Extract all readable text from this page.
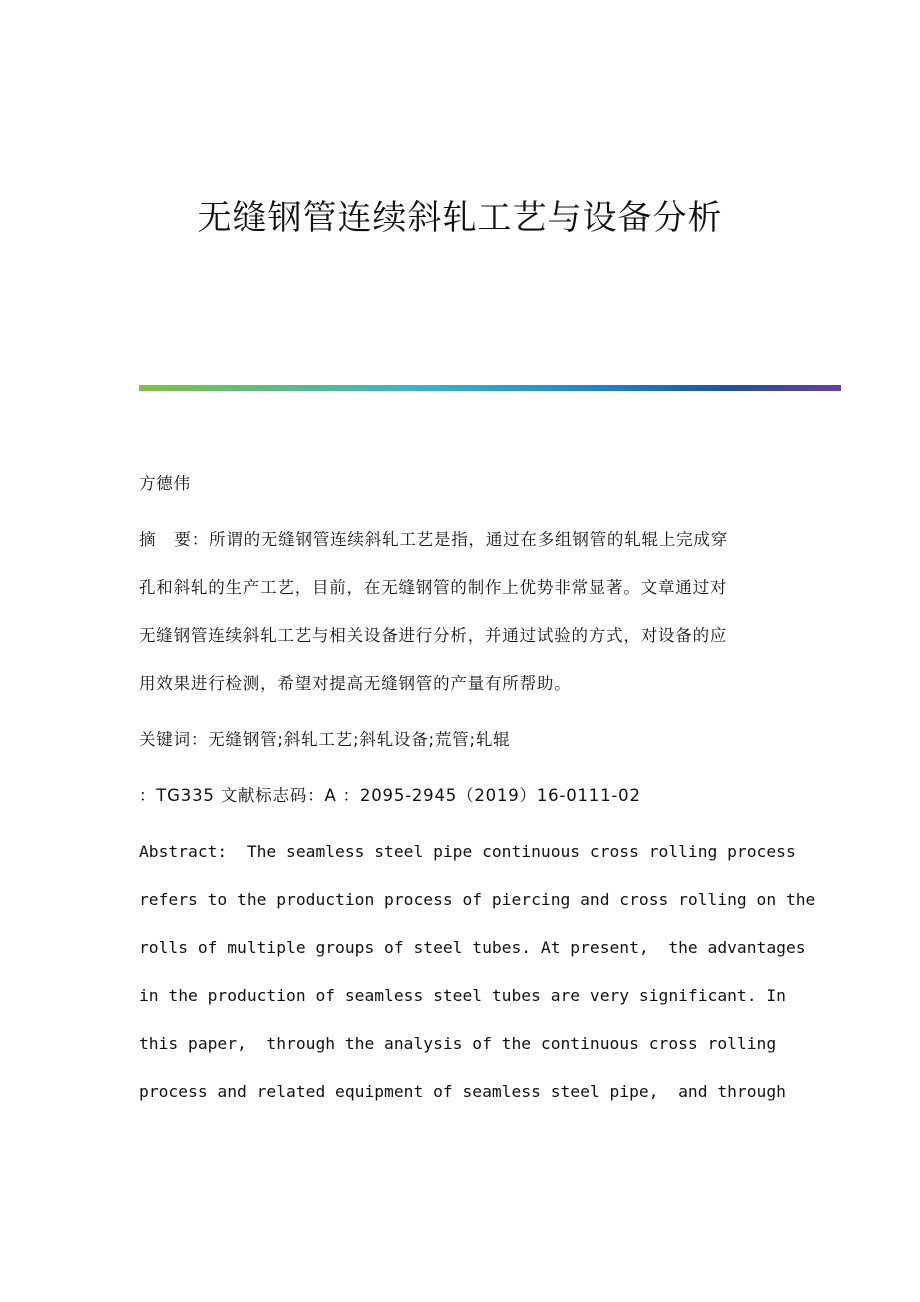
无缝钢管连续斜轧工艺与设备分析
方德伟
摘   要：所谓的无缝钢管连续斜轧工艺是指，通过在多组钢管的轧辊上完成穿
孔和斜轧的生产工艺，目前，在无缝钢管的制作上优势非常显著。文章通过对
无缝钢管连续斜轧工艺与相关设备进行分析，并通过试验的方式，对设备的应
用效果进行检测，希望对提高无缝钢管的产量有所帮助。
关键词：无缝钢管;斜轧工艺;斜轧设备;荒管;轧辊
：TG335 文献标志码：A ：2095-2945（2019）16-0111-02
Abstract:  The seamless steel pipe continuous cross rolling process
refers to the production process of piercing and cross rolling on the
rolls of multiple groups of steel tubes. At present,  the advantages
in the production of seamless steel tubes are very significant. In
this paper,  through the analysis of the continuous cross rolling
process and related equipment of seamless steel pipe,  and through
